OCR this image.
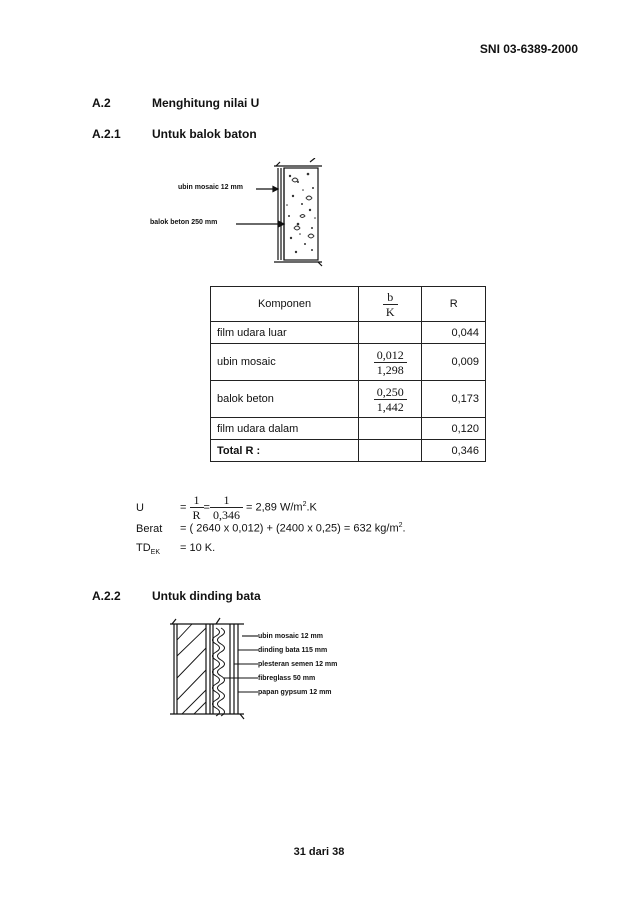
SNI 03-6389-2000
A.2	Menghitung nilai U
A.2.1	Untuk balok baton
ubin mosaic 12 mm
balok beton 250 mm
Komponen	$\frac{b}{K}$	R
film udara luar		0,044
ubin mosaic	$\frac{0,012}{1,298}$	0,009
balok beton	$\frac{0,250}{1,442}$	0,173
film udara dalam		0,120
Total R :		0,346
U	= $\frac{1}{R} = \frac{1}{0,346} = 2,89$ $W/m^2.K$
Berat = ( 2640 x 0,012) + (2400 x 0,25) = 632 $kg/m^2$.
$TD_{EK} = 10$ K.
A.2.2	Untuk dinding bata
ubin mosaic 12 mm
dinding bata 115 mm
plesteran semen 12 mm
fibreglass 50 mm
papan gypsum 12 mm
31 dari 38
